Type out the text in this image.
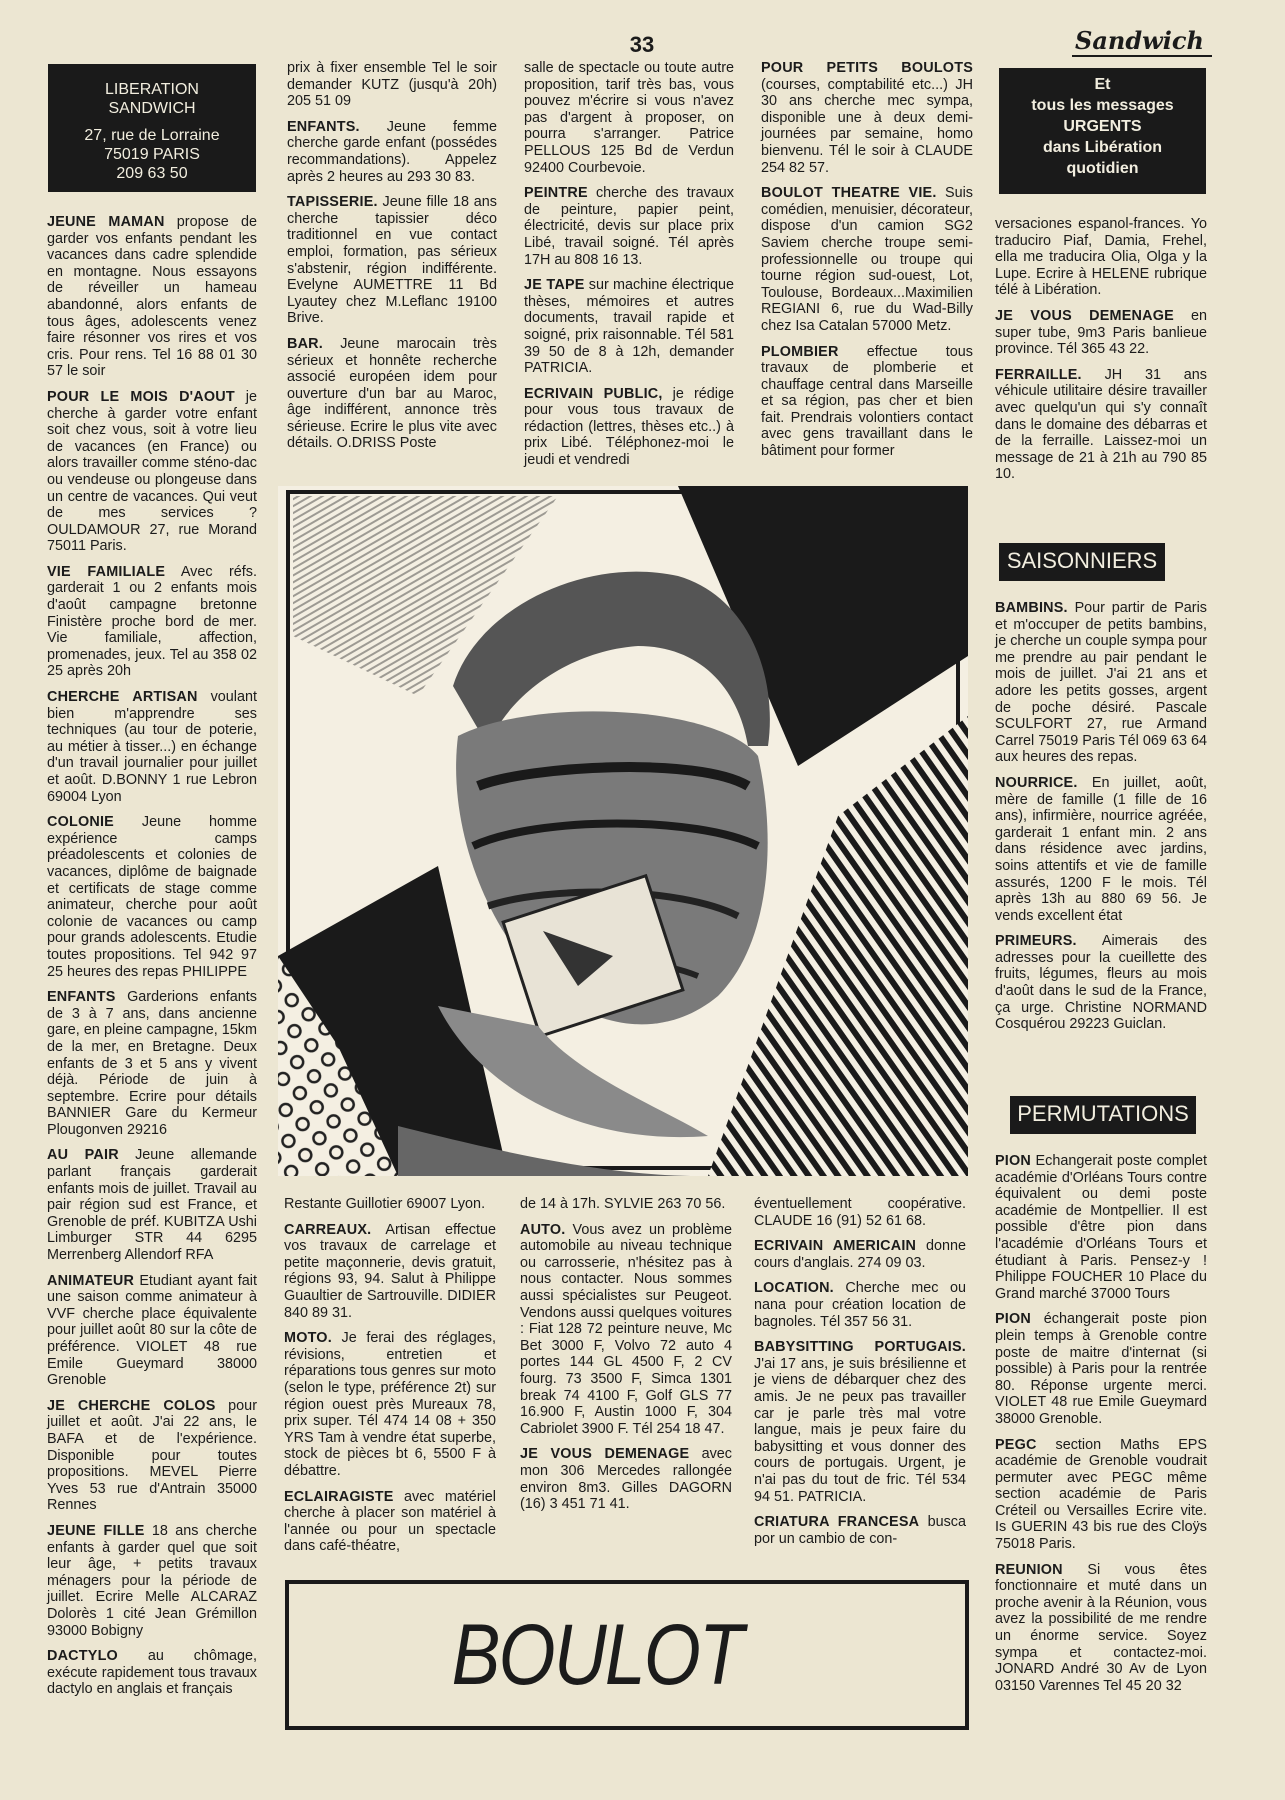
33	Sandwich
LIBERATION
SANDWICH
27, rue de Lorraine
75019 PARIS
209 63 50
Et
tous les messages
URGENTS
dans Libération
quotidien
SAISONNIERS
PERMUTATIONS

JEUNE MAMAN propose de garder vos enfants pendant les vacances dans cadre splendide en montagne. Nous essayons de réveiller un hameau abandonné, alors enfants de tous âges, adolescents venez faire résonner vos rires et vos cris. Pour rens. Tel 16 88 01 30 57 le soir

POUR LE MOIS D'AOUT je cherche à garder votre enfant soit chez vous, soit à votre lieu de vacances (en France) ou alors travailler comme sténo-dac ou vendeuse ou plongeuse dans un centre de vacances. Qui veut de mes services ? OULDAMOUR 27, rue Morand 75011 Paris.

VIE FAMILIALE Avec réfs. garderait 1 ou 2 enfants mois d'août campagne bretonne Finistère proche bord de mer. Vie familiale, affection, promenades, jeux. Tel au 358 02 25 après 20h

CHERCHE ARTISAN voulant bien m'apprendre ses techniques (au tour de poterie, au métier à tisser...) en échange d'un travail journalier pour juillet et août. D.BONNY 1 rue Lebron 69004 Lyon

COLONIE Jeune homme expérience camps préadolescents et colonies de vacances, diplôme de baignade et certificats de stage comme animateur, cherche pour août colonie de vacances ou camp pour grands adolescents. Etudie toutes propositions. Tel 942 97 25 heures des repas PHILIPPE

ENFANTS Garderions enfants de 3 à 7 ans, dans ancienne gare, en pleine campagne, 15km de la mer, en Bretagne. Deux enfants de 3 et 5 ans y vivent déjà. Période de juin à septembre. Ecrire pour détails BANNIER Gare du Kermeur Plougonven 29216

AU PAIR Jeune allemande parlant français garderait enfants mois de juillet. Travail au pair région sud est France, et Grenoble de préf. KUBITZA Ushi Limburger STR 44 6295 Merrenberg Allendorf RFA

ANIMATEUR Etudiant ayant fait une saison comme animateur à VVF cherche place équivalente pour juillet août 80 sur la côte de préférence. VIOLET 48 rue Emile Gueymard 38000 Grenoble

JE CHERCHE COLOS pour juillet et août. J'ai 22 ans, le BAFA et de l'expérience. Disponible pour toutes propositions. MEVEL Pierre Yves 53 rue d'Antrain 35000 Rennes

JEUNE FILLE 18 ans cherche enfants à garder quel que soit leur âge, + petits travaux ménagers pour la période de juillet. Ecrire Melle ALCARAZ Dolorès 1 cité Jean Grémillon 93000 Bobigny

DACTYLO au chômage, exécute rapidement tous travaux dactylo en anglais et français

prix à fixer ensemble Tel le soir demander KUTZ (jusqu'à 20h) 205 51 09

ENFANTS. Jeune femme cherche garde enfant (possédes recommandations). Appelez après 2 heures au 293 30 83.

TAPISSERIE. Jeune fille 18 ans cherche tapissier déco traditionnel en vue contact emploi, formation, pas sérieux s'abstenir, région indifférente. Evelyne AUMETTRE 11 Bd Lyautey chez M.Leflanc 19100 Brive.

BAR. Jeune marocain très sérieux et honnête recherche associé européen idem pour ouverture d'un bar au Maroc, âge indifférent, annonce très sérieuse. Ecrire le plus vite avec détails. O.DRISS Poste

salle de spectacle ou toute autre proposition, tarif très bas, vous pouvez m'écrire si vous n'avez pas d'argent à proposer, on pourra s'arranger. Patrice PELLOUS 125 Bd de Verdun 92400 Courbevoie.

PEINTRE cherche des travaux de peinture, papier peint, électricité, devis sur place prix Libé, travail soigné. Tél après 17H au 808 16 13.

JE TAPE sur machine électrique thèses, mémoires et autres documents, travail rapide et soigné, prix raisonnable. Tél 581 39 50 de 8 à 12h, demander PATRICIA.

ECRIVAIN PUBLIC, je rédige pour vous tous travaux de rédaction (lettres, thèses etc..) à prix Libé. Téléphonez-moi le jeudi et vendredi

POUR PETITS BOULOTS (courses, comptabilité etc...) JH 30 ans cherche mec sympa, disponible une à deux demi-journées par semaine, homo bienvenu. Tél le soir à CLAUDE 254 82 57.

BOULOT THEATRE VIE. Suis comédien, menuisier, décorateur, dispose d'un camion SG2 Saviem cherche troupe semi-professionnelle ou troupe qui tourne région sud-ouest, Lot, Toulouse, Bordeaux...Maximilien REGIANI 6, rue du Wad-Billy chez Isa Catalan 57000 Metz.

PLOMBIER effectue tous travaux de plomberie et chauffage central dans Marseille et sa région, pas cher et bien fait. Prendrais volontiers contact avec gens travaillant dans le bâtiment pour former

versaciones espanol-frances. Yo traduciro Piaf, Damia, Frehel, ella me traducira Olia, Olga y la Lupe. Ecrire à HELENE rubrique télé à Libération.

JE VOUS DEMENAGE en super tube, 9m3 Paris banlieue province. Tél 365 43 22.

FERRAILLE. JH 31 ans véhicule utilitaire désire travailler avec quelqu'un qui s'y connaît dans le domaine des débarras et de la ferraille. Laissez-moi un message de 21 à 21h au 790 85 10.

BAMBINS. Pour partir de Paris et m'occuper de petits bambins, je cherche un couple sympa pour me prendre au pair pendant le mois de juillet. J'ai 21 ans et adore les petits gosses, argent de poche désiré. Pascale SCULFORT 27, rue Armand Carrel 75019 Paris Tél 069 63 64 aux heures des repas.

NOURRICE. En juillet, août, mère de famille (1 fille de 16 ans), infirmière, nourrice agréée, garderait 1 enfant min. 2 ans dans résidence avec jardins, soins attentifs et vie de famille assurés, 1200 F le mois. Tél après 13h au 880 69 56. Je vends excellent état

PRIMEURS. Aimerais des adresses pour la cueillette des fruits, légumes, fleurs au mois d'août dans le sud de la France, ça urge. Christine NORMAND Cosquérou 29223 Guiclan.

PION Echangerait poste complet académie d'Orléans Tours contre équivalent ou demi poste académie de Montpellier. Il est possible d'être pion dans l'académie d'Orléans Tours et étudiant à Paris. Pensez-y ! Philippe FOUCHER 10 Place du Grand marché 37000 Tours

PION échangerait poste pion plein temps à Grenoble contre poste de maitre d'internat (si possible) à Paris pour la rentrée 80. Réponse urgente merci. VIOLET 48 rue Emile Gueymard 38000 Grenoble.

PEGC section Maths EPS académie de Grenoble voudrait permuter avec PEGC même section académie de Paris Créteil ou Versailles Ecrire vite. Is GUERIN 43 bis rue des Cloÿs 75018 Paris.

REUNION Si vous êtes fonctionnaire et muté dans un proche avenir à la Réunion, vous avez la possibilité de me rendre un énorme service. Soyez sympa et contactez-moi. JONARD André 30 Av de Lyon 03150 Varennes Tel 45 20 32

Restante Guillotier 69007 Lyon.

CARREAUX. Artisan effectue vos travaux de carrelage et petite maçonnerie, devis gratuit, régions 93, 94. Salut à Philippe Guaultier de Sartrouville. DIDIER 840 89 31.

MOTO. Je ferai des réglages, révisions, entretien et réparations tous genres sur moto (selon le type, préférence 2t) sur région ouest près Mureaux 78, prix super. Tél 474 14 08 + 350 YRS Tam à vendre état superbe, stock de pièces bt 6, 5500 F à débattre.

ECLAIRAGISTE avec matériel cherche à placer son matériel à l'année ou pour un spectacle dans café-théatre,

de 14 à 17h. SYLVIE 263 70 56.

AUTO. Vous avez un problème automobile au niveau technique ou carrosserie, n'hésitez pas à nous contacter. Nous sommes aussi spécialistes sur Peugeot. Vendons aussi quelques voitures : Fiat 128 72 peinture neuve, Mc Bet 3000 F, Volvo 72 auto 4 portes 144 GL 4500 F, 2 CV fourg. 73 3500 F, Simca 1301 break 74 4100 F, Golf GLS 77 16.900 F, Austin 1000 F, 304 Cabriolet 3900 F. Tél 254 18 47.

JE VOUS DEMENAGE avec mon 306 Mercedes rallongée environ 8m3. Gilles DAGORN (16) 3 451 71 41.

éventuellement coopérative. CLAUDE 16 (91) 52 61 68.

ECRIVAIN AMERICAIN donne cours d'anglais. 274 09 03.

LOCATION. Cherche mec ou nana pour création location de bagnoles. Tél 357 56 31.

BABYSITTING PORTUGAIS. J'ai 17 ans, je suis brésilienne et je viens de débarquer chez des amis. Je ne peux pas travailler car je parle très mal votre langue, mais je peux faire du babysitting et vous donner des cours de portugais. Urgent, je n'ai pas du tout de fric. Tél 534 94 51. PATRICIA.

CRIATURA FRANCESA busca por un cambio de con-

BOULOT
